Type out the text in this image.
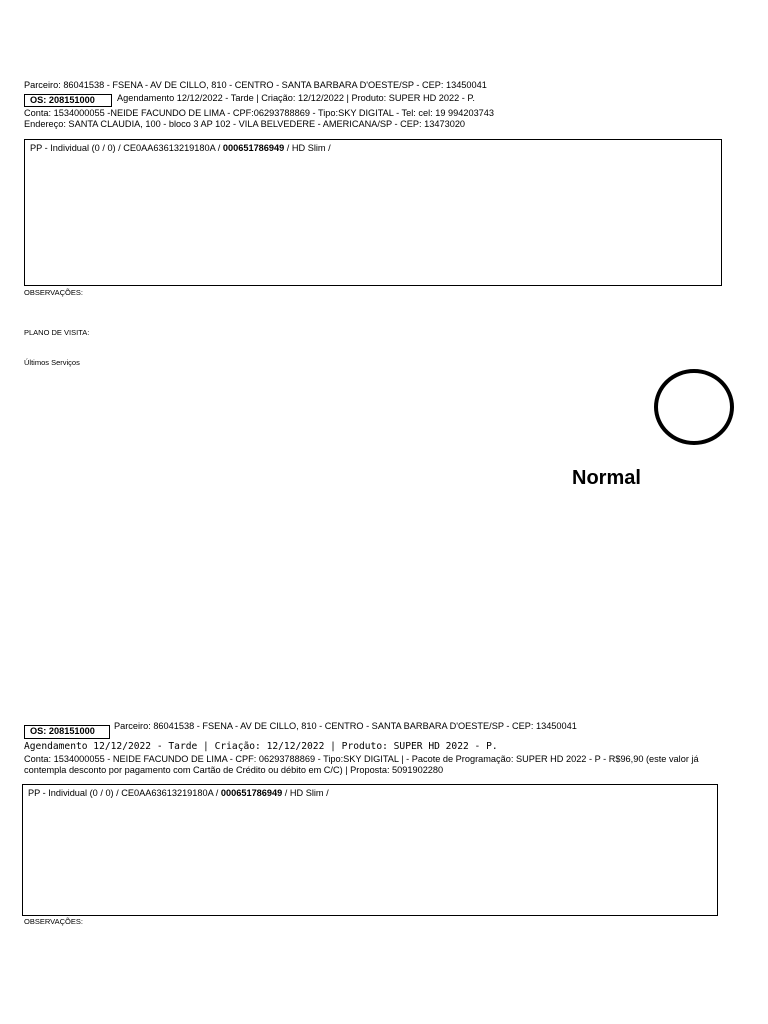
Parceiro: 86041538 - FSENA - AV DE CILLO, 810 - CENTRO - SANTA BARBARA D'OESTE/SP - CEP: 13450041
OS: 208151000	Agendamento 12/12/2022 - Tarde | Criação: 12/12/2022 | Produto: SUPER HD 2022 - P.
Conta: 1534000055 -NEIDE FACUNDO DE LIMA - CPF:06293788869 - Tipo:SKY DIGITAL - Tel: cel: 19 994203743
Endereço: SANTA CLAUDIA, 100 - bloco 3 AP 102 - VILA BELVEDERE - AMERICANA/SP - CEP: 13473020
PP - Individual (0 / 0) / CE0AA63613219180A / 000651786949 / HD Slim /
OBSERVAÇÕES:
PLANO DE VISITA:
Últimos Serviços
Normal
OS: 208151000	Parceiro: 86041538 - FSENA - AV DE CILLO, 810 - CENTRO - SANTA BARBARA D'OESTE/SP - CEP: 13450041
Agendamento 12/12/2022 - Tarde | Criação: 12/12/2022 | Produto: SUPER HD 2022 - P.
Conta: 1534000055 - NEIDE FACUNDO DE LIMA - CPF: 06293788869 - Tipo:SKY DIGITAL | - Pacote de Programação: SUPER HD 2022 - P - R$96,90 (este valor já contempla desconto por pagamento com Cartão de Crédito ou débito em C/C) | Proposta: 5091902280
PP - Individual (0 / 0) / CE0AA63613219180A / 000651786949 / HD Slim /
OBSERVAÇÕES:
